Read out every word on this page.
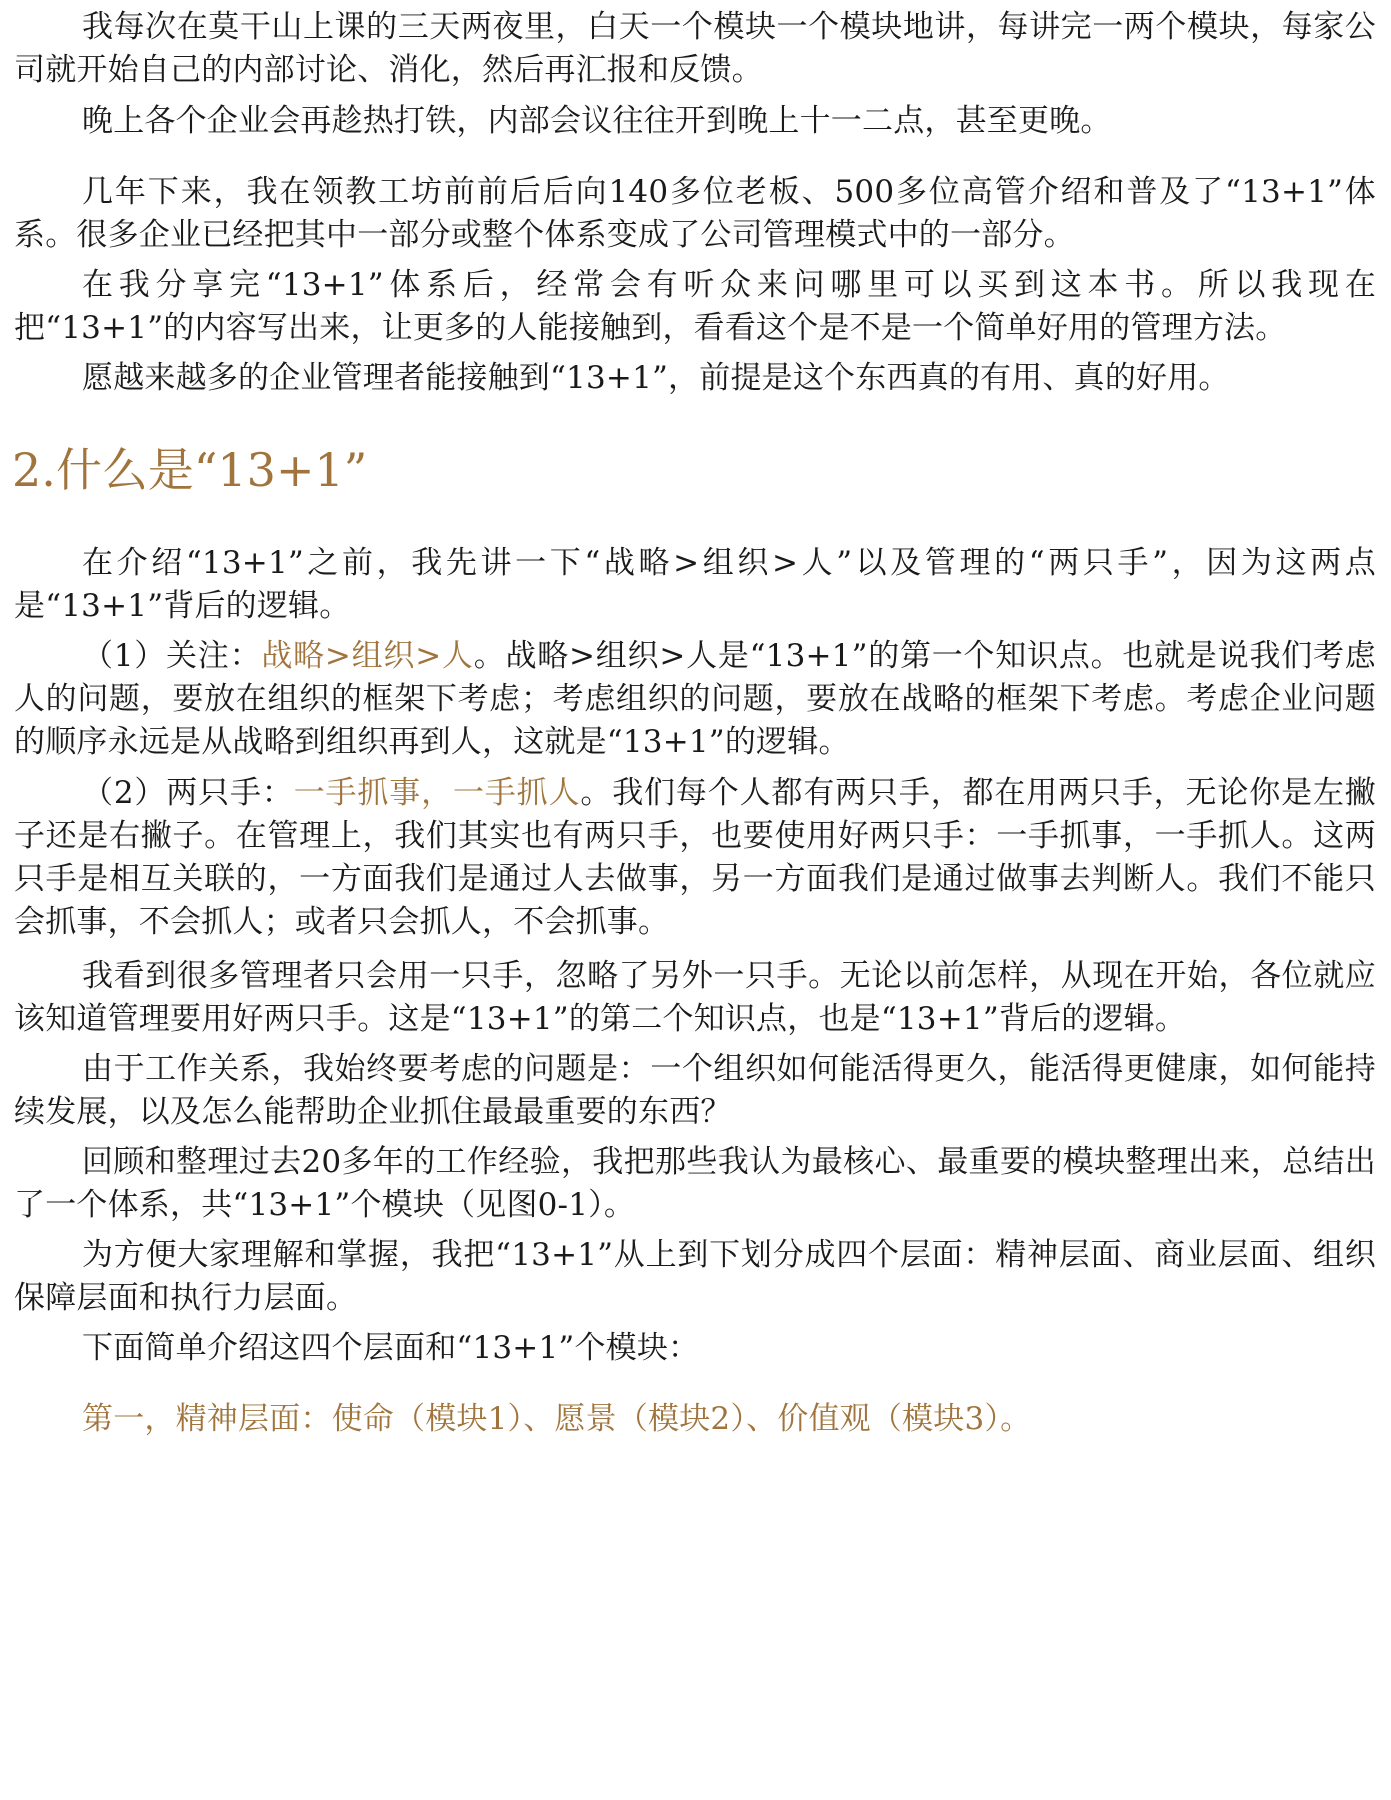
我每次在莫干山上课的三天两夜里，白天一个模块一个模块地讲，每讲完一两个模块，每家公司就开始自己的内部讨论、消化，然后再汇报和反馈。

晚上各个企业会再趁热打铁，内部会议往往开到晚上十一二点，甚至更晚。

几年下来，我在领教工坊前前后后向140多位老板、500多位高管介绍和普及了“13+1”体系。很多企业已经把其中一部分或整个体系变成了公司管理模式中的一部分。

在我分享完“13+1”体系后，经常会有听众来问哪里可以买到这本书。所以我现在把“13+1”的内容写出来，让更多的人能接触到，看看这个是不是一个简单好用的管理方法。

愿越来越多的企业管理者能接触到“13+1”，前提是这个东西真的有用、真的好用。

2.什么是“13+1”

在介绍“13+1”之前，我先讲一下“战略>组织>人”以及管理的“两只手”，因为这两点是“13+1”背后的逻辑。

（1）关注：战略>组织>人。战略>组织>人是“13+1”的第一个知识点。也就是说我们考虑人的问题，要放在组织的框架下考虑；考虑组织的问题，要放在战略的框架下考虑。考虑企业问题的顺序永远是从战略到组织再到人，这就是“13+1”的逻辑。

（2）两只手：一手抓事，一手抓人。我们每个人都有两只手，都在用两只手，无论你是左撇子还是右撇子。在管理上，我们其实也有两只手，也要使用好两只手：一手抓事，一手抓人。这两只手是相互关联的，一方面我们是通过人去做事，另一方面我们是通过做事去判断人。我们不能只会抓事，不会抓人；或者只会抓人，不会抓事。

我看到很多管理者只会用一只手，忽略了另外一只手。无论以前怎样，从现在开始，各位就应该知道管理要用好两只手。这是“13+1”的第二个知识点，也是“13+1”背后的逻辑。

由于工作关系，我始终要考虑的问题是：一个组织如何能活得更久，能活得更健康，如何能持续发展，以及怎么能帮助企业抓住最最重要的东西？

回顾和整理过去20多年的工作经验，我把那些我认为最核心、最重要的模块整理出来，总结出了一个体系，共“13+1”个模块（见图0-1）。

为方便大家理解和掌握，我把“13+1”从上到下划分成四个层面：精神层面、商业层面、组织保障层面和执行力层面。

下面简单介绍这四个层面和“13+1”个模块：

第一，精神层面：使命（模块1）、愿景（模块2）、价值观（模块3）。
